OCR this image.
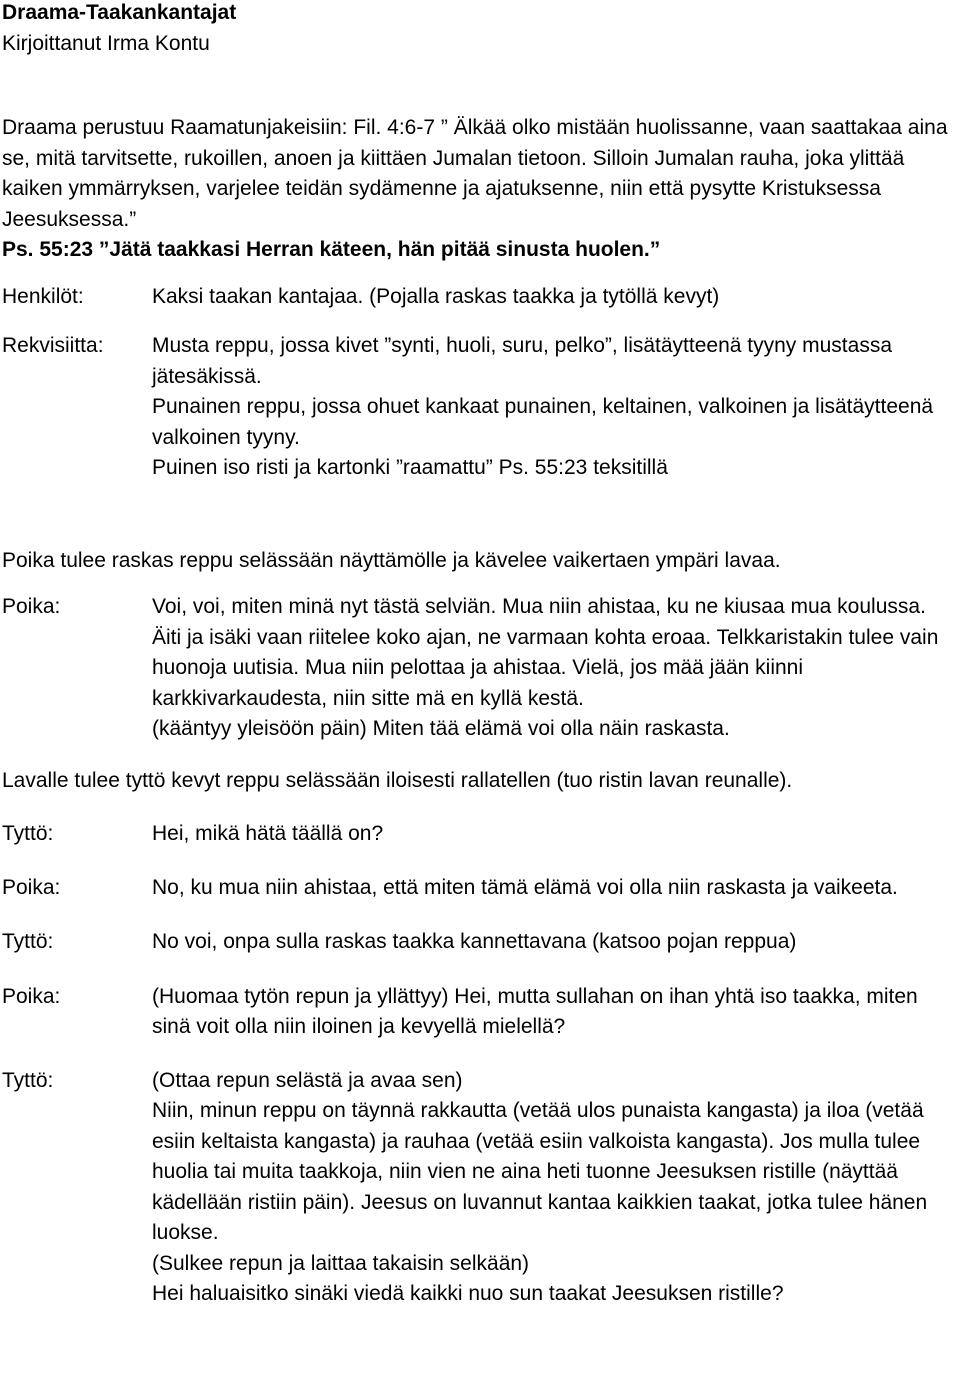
Draama-Taakankantajat

Kirjoittanut Irma Kontu

Draama perustuu Raamatunjakeisiin: Fil. 4:6-7 ” Älkää olko mistään huolissanne, vaan saattakaa aina se, mitä tarvitsette, rukoillen, anoen ja kiittäen Jumalan tietoon. Silloin Jumalan rauha, joka ylittää kaiken ymmärryksen, varjelee teidän sydämenne ja ajatuksenne, niin että pysytte Kristuksessa Jeesuksessa.”

Ps. 55:23 ”Jätä taakkasi Herran käteen, hän pitää sinusta huolen.”

Henkilöt:	Kaksi taakan kantajaa. (Pojalla raskas taakka ja tytöllä kevyt)
Rekvisiitta:	Musta reppu, jossa kivet ”synti, huoli, suru, pelko”, lisätäytteenä tyyny mustassa jätesäkissä.

Punainen reppu, jossa ohuet kankaat punainen, keltainen, valkoinen ja lisätäytteenä valkoinen tyyny.

Puinen iso risti ja kartonki ”raamattu” Ps. 55:23 teksitillä

Poika tulee raskas reppu selässään näyttämölle ja kävelee vaikertaen ympäri lavaa.

Poika:	Voi, voi, miten minä nyt tästä selviän. Mua niin ahistaa, ku ne kiusaa mua koulussa. Äiti ja isäki vaan riitelee koko ajan, ne varmaan kohta eroaa. Telkkaristakin tulee vain huonoja uutisia. Mua niin pelottaa ja ahistaa. Vielä, jos mää jään kiinni karkkivarkaudesta, niin sitte mä en kyllä kestä.

(kääntyy yleisöön päin) Miten tää elämä voi olla näin raskasta.

Lavalle tulee tyttö kevyt reppu selässään iloisesti rallatellen (tuo ristin lavan reunalle).

Tyttö:	Hei, mikä hätä täällä on?

Poika:	No, ku mua niin ahistaa, että miten tämä elämä voi olla niin raskasta ja vaikeeta.

Tyttö:	No voi, onpa sulla raskas taakka kannettavana (katsoo pojan reppua)

Poika:	(Huomaa tytön repun ja yllättyy) Hei, mutta sullahan on ihan yhtä iso taakka, miten sinä voit olla niin iloinen ja kevyellä mielellä?

Tyttö:	(Ottaa repun selästä ja avaa sen)

Niin, minun reppu on täynnä rakkautta (vetää ulos punaista kangasta) ja iloa (vetää esiin keltaista kangasta) ja rauhaa (vetää esiin valkoista kangasta). Jos mulla tulee huolia tai muita taakkoja, niin vien ne aina heti tuonne Jeesuksen ristille (näyttää kädellään ristiin päin). Jeesus on luvannut kantaa kaikkien taakat, jotka tulee hänen luokse.

(Sulkee repun ja laittaa takaisin selkään)

Hei haluaisitko sinäki viedä kaikki nuo sun taakat Jeesuksen ristille?
